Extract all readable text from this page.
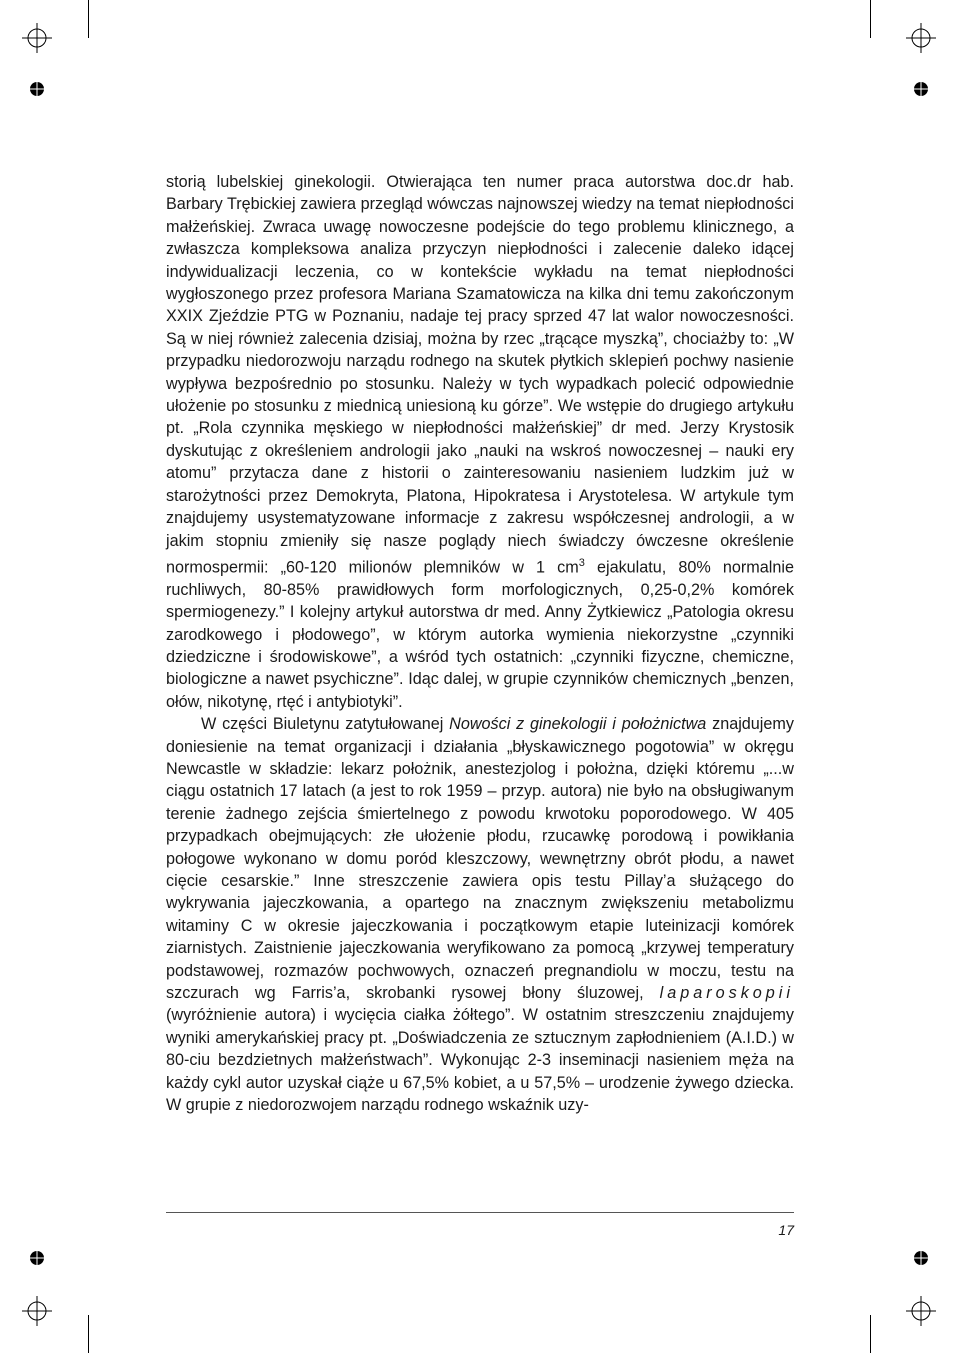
storią lubelskiej ginekologii. Otwierająca ten numer praca autorstwa doc.dr hab. Barbary Trębickiej zawiera przegląd wówczas najnowszej wiedzy na temat niepłodności małżeńskiej. Zwraca uwagę nowoczesne podejście do tego problemu klinicznego, a zwłaszcza kompleksowa analiza przyczyn niepłodności i zalecenie daleko idącej indywidualizacji leczenia, co w kontekście wykładu na temat niepłodności wygłoszonego przez profesora Mariana Szamatowicza na kilka dni temu zakończonym XXIX Zjeździe PTG w Poznaniu, nadaje tej pracy sprzed 47 lat walor nowoczesności. Są w niej również zalecenia dzisiaj, można by rzec „trącące myszką”, chociażby to: „W przypadku niedorozwoju narządu rodnego na skutek płytkich sklepień pochwy nasienie wypływa bezpośrednio po stosunku. Należy w tych wypadkach polecić odpowiednie ułożenie po stosunku z miednicą uniesioną ku górze”. We wstępie do drugiego artykułu pt. „Rola czynnika męskiego w niepłodności małżeńskiej” dr med. Jerzy Krystosik dyskutując z określeniem andrologii jako „nauki na wskroś nowoczesnej – nauki ery atomu” przytacza dane z historii o zainteresowaniu nasieniem ludzkim już w starożytności przez Demokryta, Platona, Hipokratesa i Arystotelesa. W artykule tym znajdujemy usystematyzowane informacje z zakresu współczesnej andrologii, a w jakim stopniu zmieniły się nasze poglądy niech świadczy ówczesne określenie normospermii: „60-120 milionów plemników w 1 $cm^3$ ejakulatu, 80% normalnie ruchliwych, 80-85% prawidłowych form morfologicznych, 0,25-0,2% komórek spermiogenezy.” I kolejny artykuł autorstwa dr med. Anny Żytkiewicz „Patologia okresu zarodkowego i płodowego”, w którym autorka wymienia niekorzystne „czynniki dziedziczne i środowiskowe”, a wśród tych ostatnich: „czynniki fizyczne, chemiczne, biologiczne a nawet psychiczne”. Idąc dalej, w grupie czynników chemicznych „benzen, ołów, nikotynę, rtęć i antybiotyki”.

W części Biuletynu zatytułowanej Nowości z ginekologii i położnictwa znajdujemy doniesienie na temat organizacji i działania „błyskawicznego pogotowia” w okręgu Newcastle w składzie: lekarz położnik, anestezjolog i położna, dzięki któremu „...w ciągu ostatnich 17 latach (a jest to rok 1959 – przyp. autora) nie było na obsługiwanym terenie żadnego zejścia śmiertelnego z powodu krwotoku poporodowego. W 405 przypadkach obejmujących: złe ułożenie płodu, rzucawkę porodową i powikłania połogowe wykonano w domu poród kleszczowy, wewnętrzny obrót płodu, a nawet cięcie cesarskie.” Inne streszczenie zawiera opis testu Pillay’a służącego do wykrywania jajeczkowania, a opartego na znacznym zwiększeniu metabolizmu witaminy C w okresie jajeczkowania i początkowym etapie luteinizacji komórek ziarnistych. Zaistnienie jajeczkowania weryfikowano za pomocą „krzywej temperatury podstawowej, rozmazów pochwowych, oznaczeń pregnandiolu w moczu, testu na szczurach wg Farris’a, skrobanki rysowej błony śluzowej, laparoskopii (wyróżnienie autora) i wycięcia ciałka żółtego”. W ostatnim streszczeniu znajdujemy wyniki amerykańskiej pracy pt. „Doświadczenia ze sztucznym zapłodnieniem (A.I.D.) w 80-ciu bezdzietnych małżeństwach”. Wykonując 2-3 inseminacji nasieniem męża na każdy cykl autor uzyskał ciąże u 67,5% kobiet, a u 57,5% – urodzenie żywego dziecka. W grupie z niedorozwojem narządu rodnego wskaźnik uzy-

17
